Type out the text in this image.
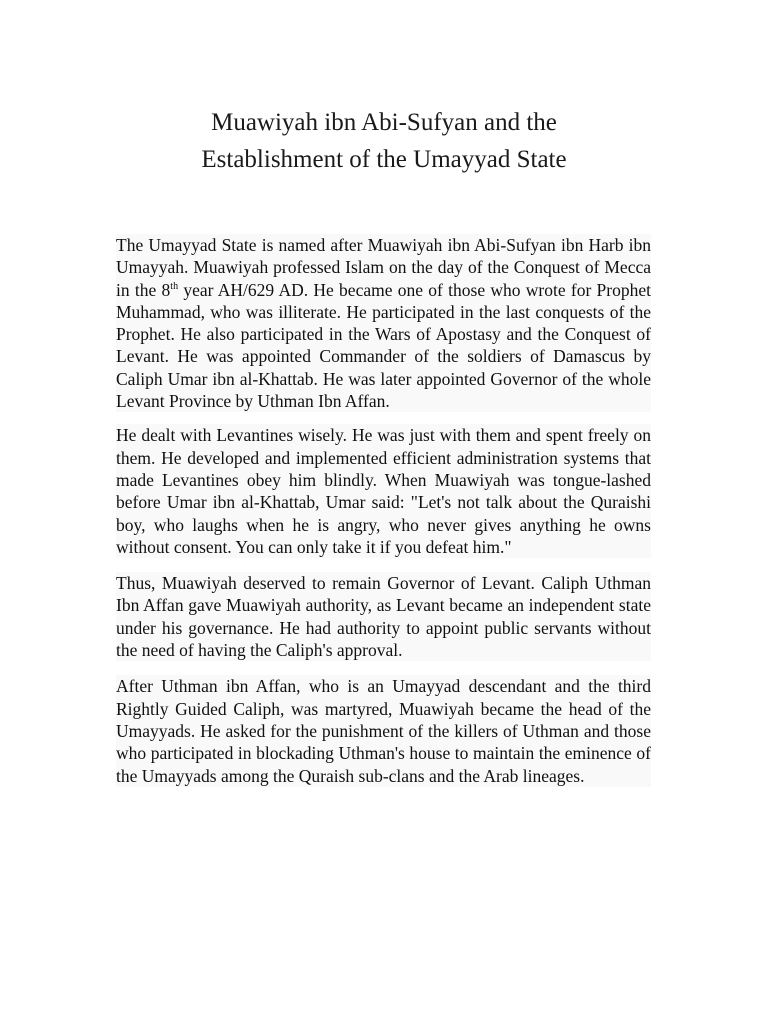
Muawiyah ibn Abi-Sufyan and the
Establishment of the Umayyad State

The Umayyad State is named after Muawiyah ibn Abi-Sufyan ibn Harb ibn Umayyah. Muawiyah professed Islam on the day of the Conquest of Mecca in the 8th year AH/629 AD. He became one of those who wrote for Prophet Muhammad, who was illiterate. He participated in the last conquests of the Prophet. He also participated in the Wars of Apostasy and the Conquest of Levant. He was appointed Commander of the soldiers of Damascus by Caliph Umar ibn al-Khattab. He was later appointed Governor of the whole Levant Province by Uthman Ibn Affan.

He dealt with Levantines wisely. He was just with them and spent freely on them. He developed and implemented efficient administration systems that made Levantines obey him blindly. When Muawiyah was tongue-lashed before Umar ibn al-Khattab, Umar said: "Let's not talk about the Quraishi boy, who laughs when he is angry, who never gives anything he owns without consent. You can only take it if you defeat him."

Thus, Muawiyah deserved to remain Governor of Levant. Caliph Uthman Ibn Affan gave Muawiyah authority, as Levant became an independent state under his governance. He had authority to appoint public servants without the need of having the Caliph's approval.

After Uthman ibn Affan, who is an Umayyad descendant and the third Rightly Guided Caliph, was martyred, Muawiyah became the head of the Umayyads. He asked for the punishment of the killers of Uthman and those who participated in blockading Uthman's house to maintain the eminence of the Umayyads among the Quraish sub-clans and the Arab lineages.
